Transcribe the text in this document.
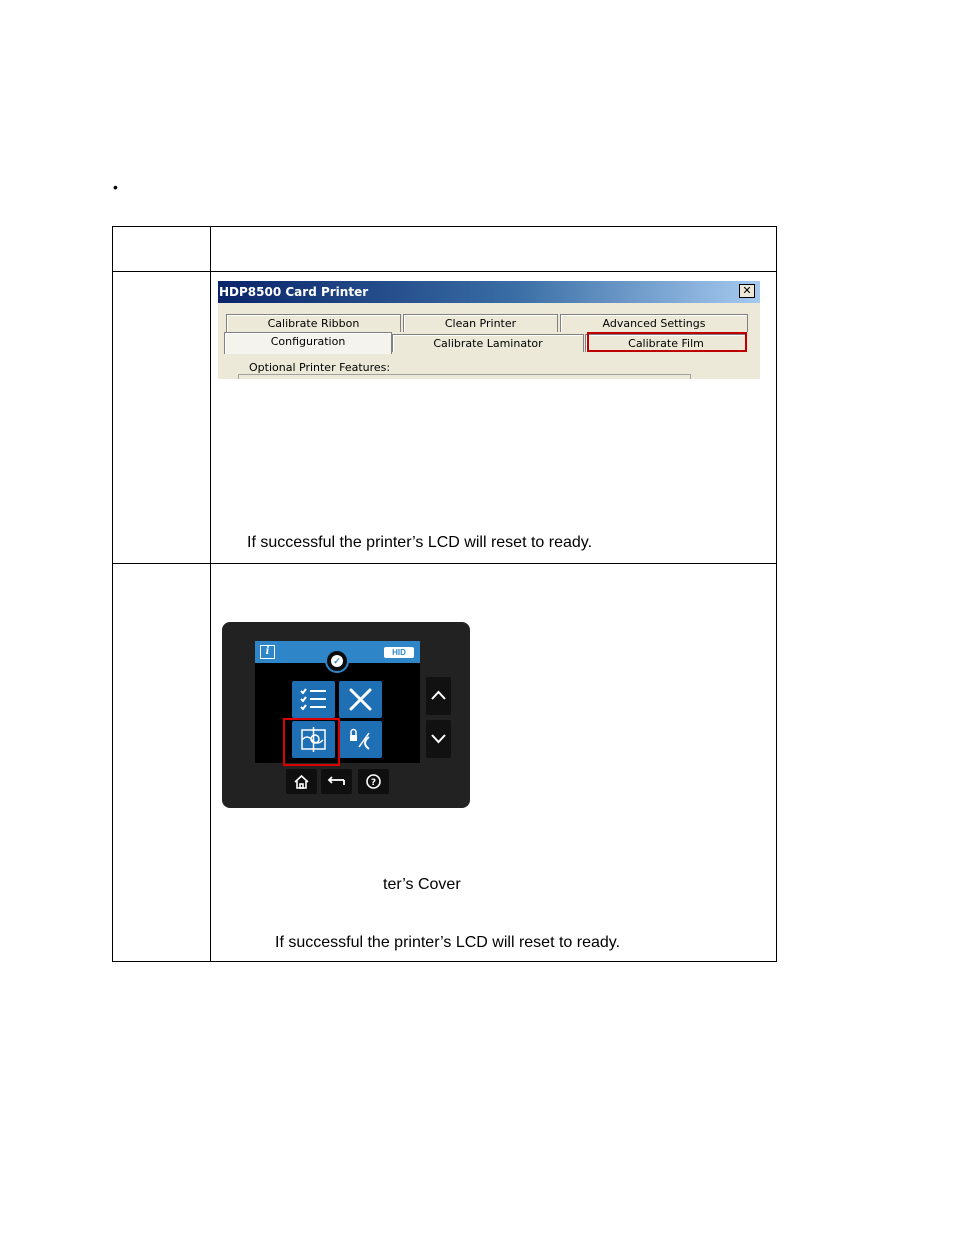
•
HDP8500 Card Printer	✕
Calibrate Ribbon	Clean Printer	Advanced Settings
Configuration	Calibrate Laminator	Calibrate Film
Optional Printer Features:
If successful the printer’s LCD will reset to ready.
i	HID
✓
?
ter’s Cover
If successful the printer’s LCD will reset to ready.
